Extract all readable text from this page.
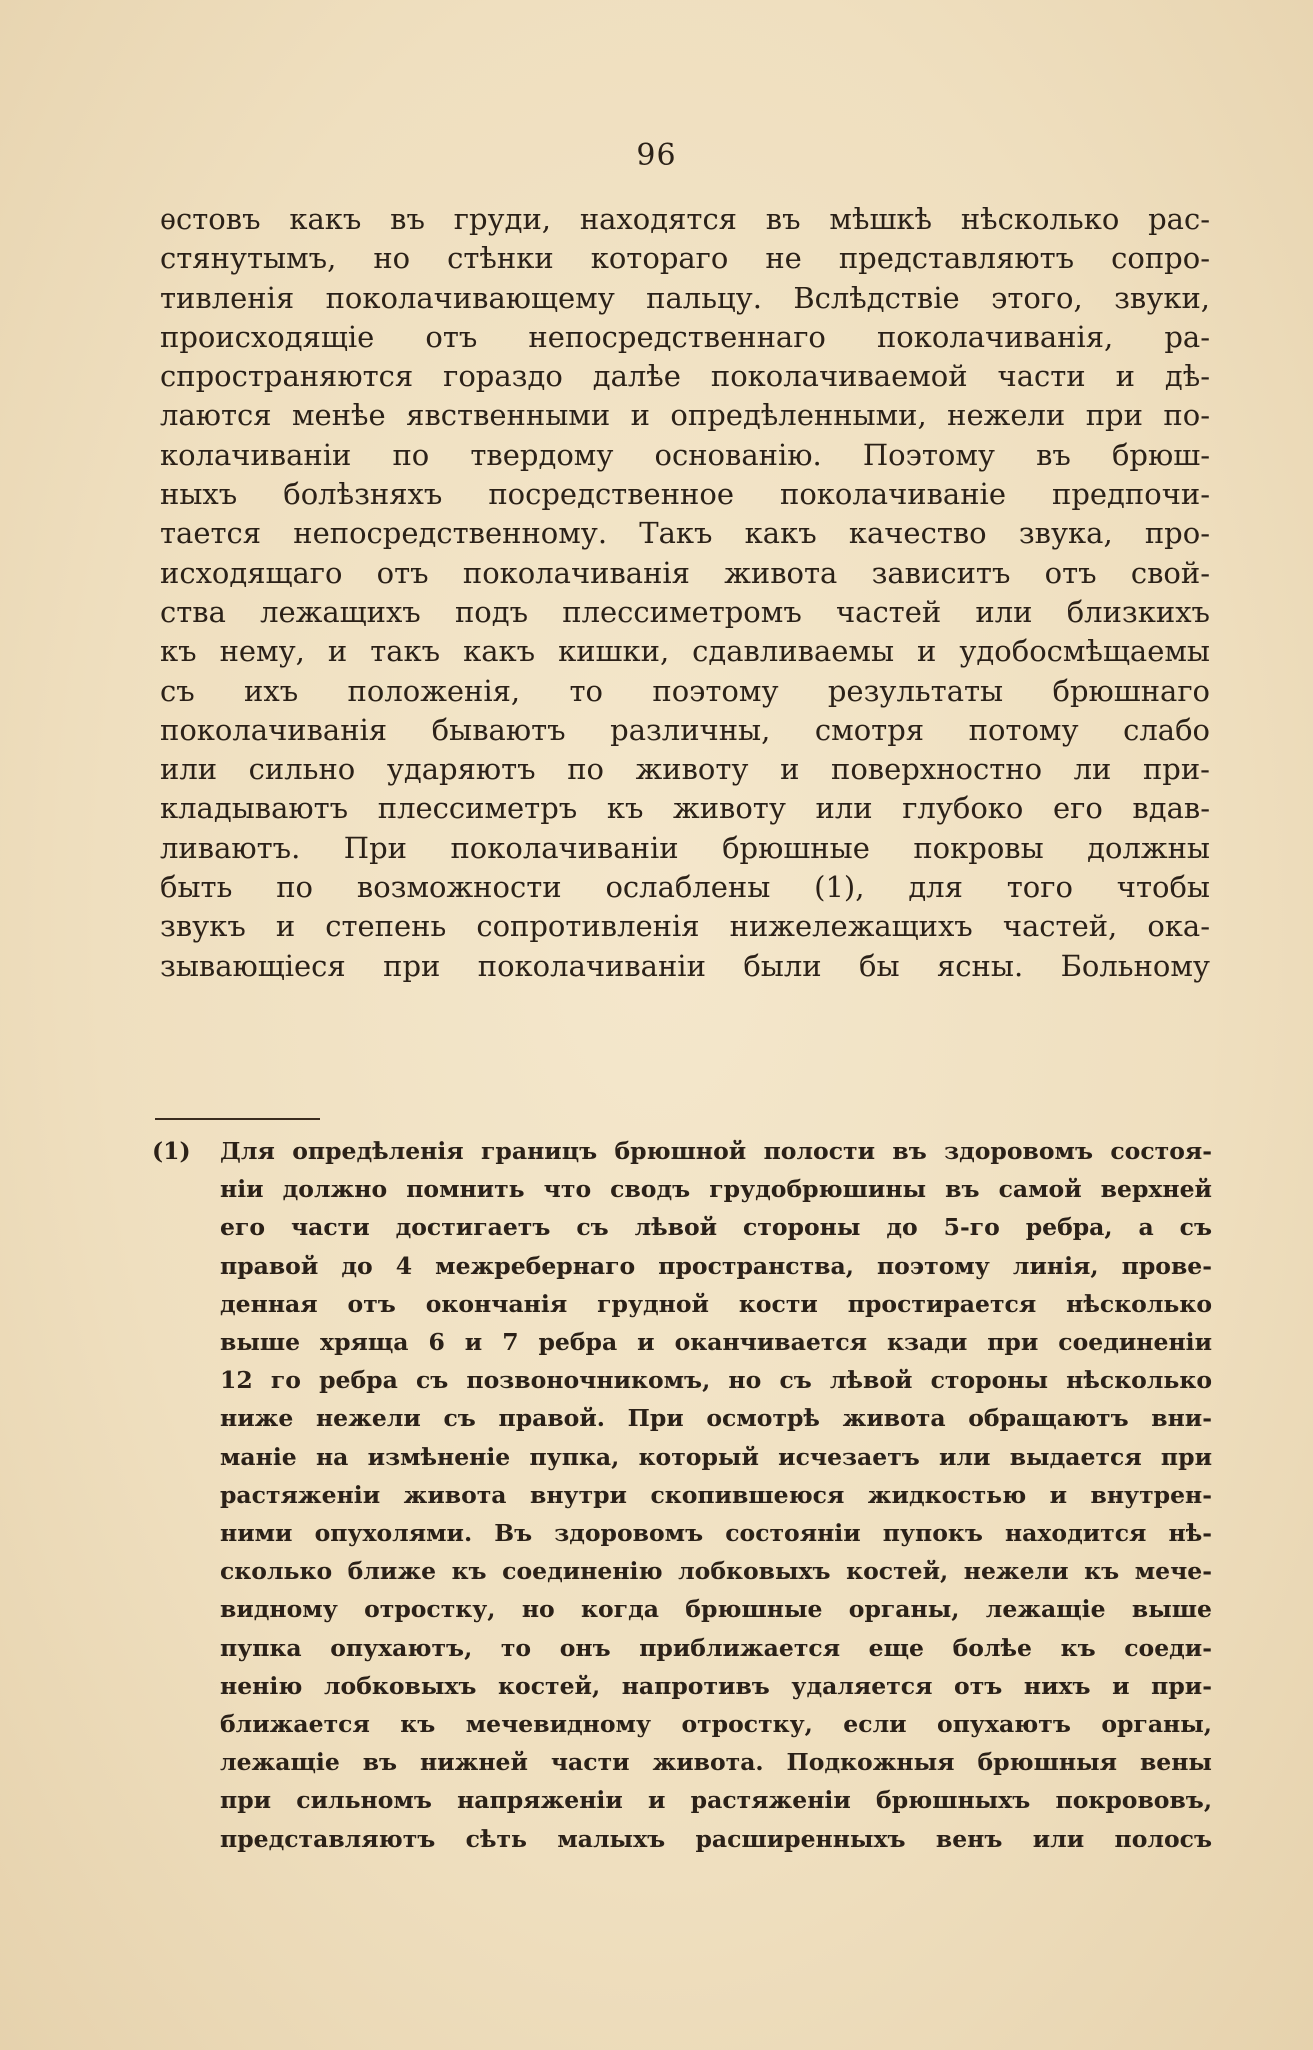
96
ѳстовъ какъ въ груди, находятся въ мѣшкѣ нѣсколько рас-
стянутымъ, но стѣнки котораго не представляютъ сопро-
тивленія поколачивающему пальцу. Вслѣдствіе этого, звуки,
происходящіе отъ непосредственнаго поколачиванія, ра-
спространяются гораздо далѣе поколачиваемой части и дѣ-
лаются менѣе явственными и опредѣленными, нежели при по-
колачиваніи по твердому основанію. Поэтому въ брюш-
ныхъ болѣзняхъ посредственное поколачиваніе предпочи-
тается непосредственному. Такъ какъ качество звука, про-
исходящаго отъ поколачиванія живота зависитъ отъ свой-
ства лежащихъ подъ плессиметромъ частей или близкихъ
къ нему, и такъ какъ кишки, сдавливаемы и удобосмѣщаемы
съ ихъ положенія, то поэтому результаты брюшнаго
поколачиванія бываютъ различны, смотря потому слабо
или сильно ударяютъ по животу и поверхностно ли при-
кладываютъ плессиметръ къ животу или глубоко его вдав-
ливаютъ. При поколачиваніи брюшные покровы должны
быть по возможности ослаблены (1), для того чтобы
звукъ и степень сопротивленія нижележащихъ частей, ока-
зывающіеся при поколачиваніи были бы ясны. Больному
(1) Для опредѣленія границъ брюшной полости въ здоровомъ состоя-
ніи должно помнить что сводъ грудобрюшины въ самой верхней
его части достигаетъ съ лѣвой стороны до 5-го ребра, а съ
правой до 4 межребернаго пространства, поэтому линія, прове-
денная отъ окончанія грудной кости простирается нѣсколько
выше хряща 6 и 7 ребра и оканчивается кзади при соединеніи
12 го ребра съ позвоночникомъ, но съ лѣвой стороны нѣсколько
ниже нежели съ правой. При осмотрѣ живота обращаютъ вни-
маніе на измѣненіе пупка, который исчезаетъ или выдается при
растяженіи живота внутри скопившеюся жидкостью и внутрен-
ними опухолями. Въ здоровомъ состояніи пупокъ находится нѣ-
сколько ближе къ соединенію лобковыхъ костей, нежели къ мече-
видному отростку, но когда брюшные органы, лежащіе выше
пупка опухаютъ, то онъ приближается еще болѣе къ соеди-
ненію лобковыхъ костей, напротивъ удаляется отъ нихъ и при-
ближается къ мечевидному отростку, если опухаютъ органы,
лежащіе въ нижней части живота. Подкожныя брюшныя вены
при сильномъ напряженіи и растяженіи брюшныхъ покрововъ,
представляютъ сѣть малыхъ расширенныхъ венъ или полосъ
